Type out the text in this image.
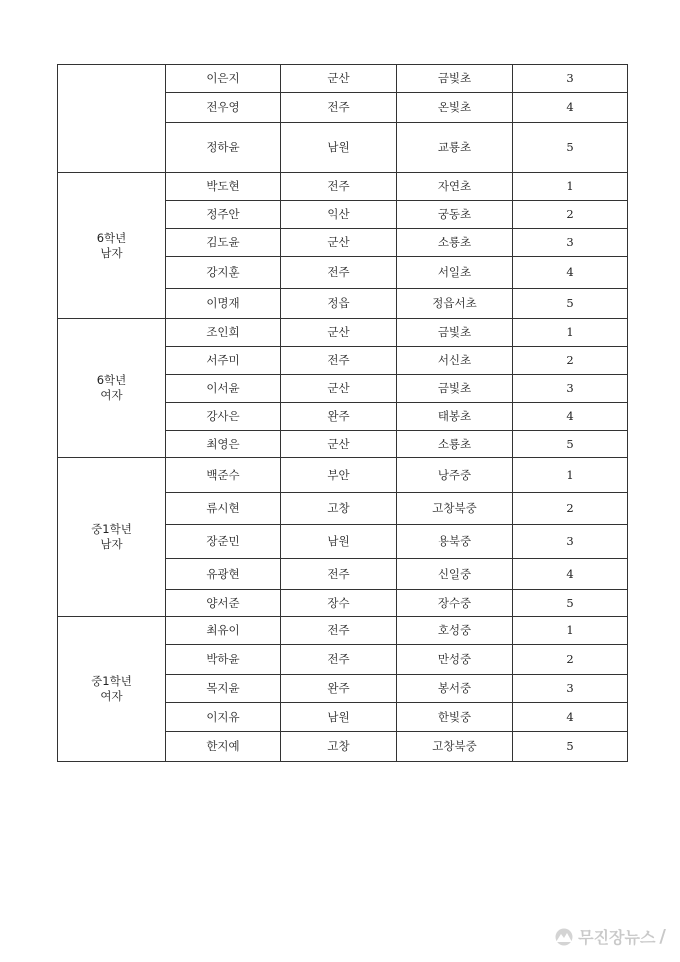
	이은지	군산	금빛초	3
	전우영	전주	온빛초	4
	정하윤	남원	교룡초	5

6학년
남자	박도현	전주	자연초	1
	정주안	익산	궁동초	2
	김도윤	군산	소룡초	3
	강지훈	전주	서일초	4
	이명재	정읍	정읍서초	5

6학년
여자	조인희	군산	금빛초	1
	서주미	전주	서신초	2
	이서윤	군산	금빛초	3
	강사은	완주	태봉초	4
	최영은	군산	소룡초	5

중1학년
남자	백준수	부안	낭주중	1
	류시현	고창	고창북중	2
	장준민	남원	용북중	3
	유광현	전주	신일중	4
	양서준	장수	장수중	5

중1학년
여자	최유이	전주	호성중	1
	박하윤	전주	만성중	2
	목지윤	완주	봉서중	3
	이지유	남원	한빛중	4
	한지예	고창	고창북중	5
무진장뉴스 /
